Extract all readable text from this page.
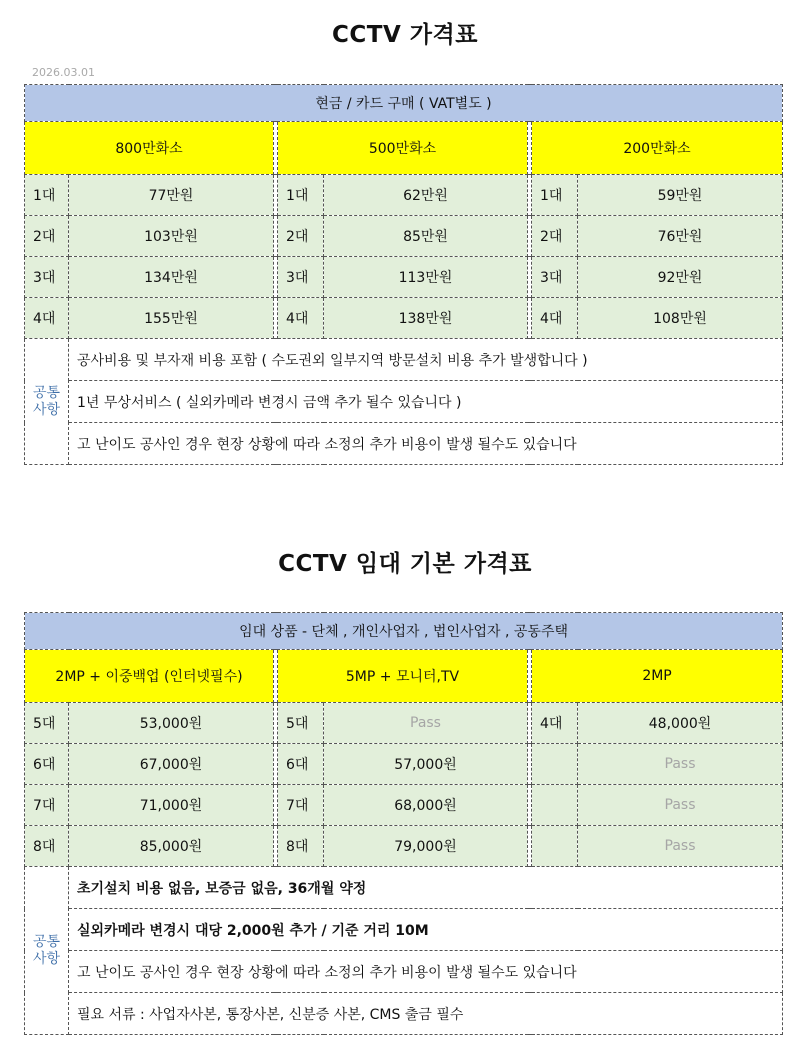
CCTV 가격표
2026.03.01
현금 / 카드 구매 ( VAT별도 )							
800만화소			500만화소			200만화소	
1대	77만원		1대	62만원		1대	59만원
2대	103만원		2대	85만원		2대	76만원
3대	134만원		3대	113만원		3대	92만원
4대	155만원		4대	138만원		4대	108만원
공통 사항	공사비용 및 부자재 비용 포함 ( 수도권외 일부지역 방문설치 비용 추가 발생합니다 )						
	1년 무상서비스 ( 실외카메라 변경시 금액 추가 될수 있습니다 )						
	고 난이도 공사인 경우 현장 상황에 따라 소정의 추가 비용이 발생 될수도 있습니다						
CCTV 임대 기본 가격표
임대 상품 - 단체 , 개인사업자 , 법인사업자 , 공동주택							
2MP + 이중백업 (인터넷필수)			5MP + 모니터,TV			2MP	
5대	53,000원		5대	Pass		4대	48,000원
6대	67,000원		6대	57,000원			Pass
7대	71,000원		7대	68,000원			Pass
8대	85,000원		8대	79,000원			Pass
공통 사항	초기설치 비용 없음, 보증금 없음, 36개월 약정						
	실외카메라 변경시 대당 2,000원 추가 / 기준 거리 10M						
	고 난이도 공사인 경우 현장 상황에 따라 소정의 추가 비용이 발생 될수도 있습니다						
	필요 서류 : 사업자사본, 통장사본, 신분증 사본, CMS 출금 필수						
